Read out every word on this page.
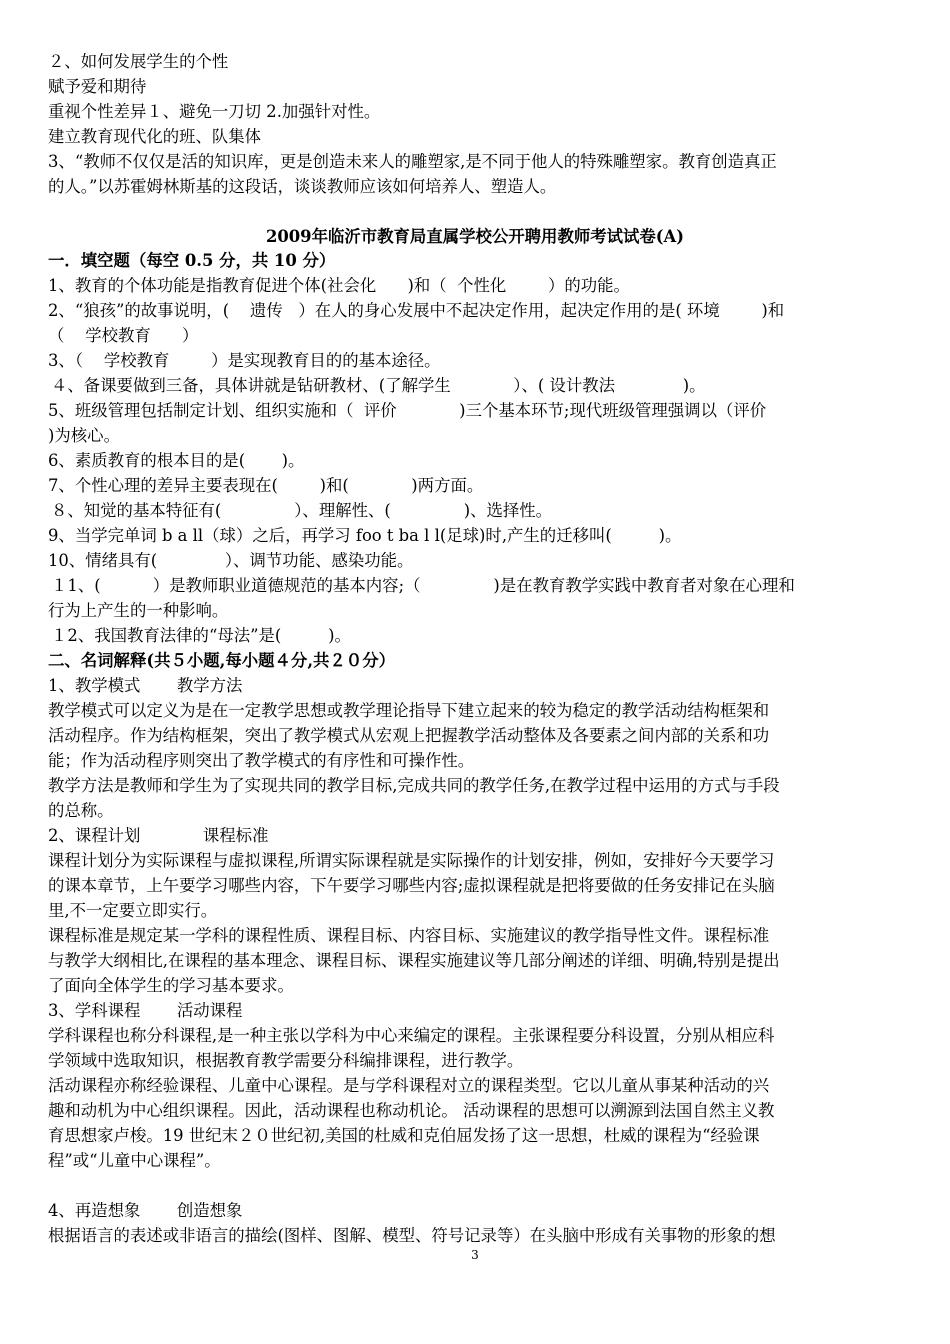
２、如何发展学生的个性
赋予爱和期待
重视个性差异１、避免一刀切 2.加强针对性。
建立教育现代化的班、队集体
3、“教师不仅仅是活的知识库，更是创造未来人的雕塑家,是不同于他人的特殊雕塑家。教育创造真正
的人。”以苏霍姆林斯基的这段话，谈谈教师应该如何培养人、塑造人。
2009年临沂市教育局直属学校公开聘用教师考试试卷(A)
一．填空题（每空 0.5 分，共 10 分）
1、教育的个体功能是指教育促进个体(社会化      )和（  个性化        ）的功能。
2、“狼孩”的故事说明，(    遗传   ）在人的身心发展中不起决定作用，起决定作用的是( 环境        )和
（    学校教育      ）
3、（    学校教育        ）是实现教育目的的基本途径。
４、备课要做到三备，具体讲就是钻研教材、(了解学生            ）、( 设计教法             )。
5、班级管理包括制定计划、组织实施和（  评价            )三个基本环节;现代班级管理强调以（评价
)为核心。
6、素质教育的根本目的是(       )。
7、个性心理的差异主要表现在(        )和(            )两方面。
８、知觉的基本特征有(              ）、理解性、(              )、选择性。
9、当学完单词 b a ll（球）之后，再学习 foo t ba l l(足球)时,产生的迁移叫(         )。
10、情绪具有(             ）、调节功能、感染功能。
１1、(          ）是教师职业道德规范的基本内容;（              )是在教育教学实践中教育者对象在心理和
行为上产生的一种影响。
１2、我国教育法律的“母法”是(         )。
二、名词解释(共５小题,每小题４分,共２０分）
1、教学模式       教学方法
教学模式可以定义为是在一定教学思想或教学理论指导下建立起来的较为稳定的教学活动结构框架和
活动程序。作为结构框架，突出了教学模式从宏观上把握教学活动整体及各要素之间内部的关系和功
能；作为活动程序则突出了教学模式的有序性和可操作性。
教学方法是教师和学生为了实现共同的教学目标,完成共同的教学任务,在教学过程中运用的方式与手段
的总称。
2、课程计划            课程标准
课程计划分为实际课程与虚拟课程,所谓实际课程就是实际操作的计划安排，例如，安排好今天要学习
的课本章节，上午要学习哪些内容，下午要学习哪些内容;虚拟课程就是把将要做的任务安排记在头脑
里,不一定要立即实行。
课程标准是规定某一学科的课程性质、课程目标、内容目标、实施建议的教学指导性文件。课程标准
与教学大纲相比,在课程的基本理念、课程目标、课程实施建议等几部分阐述的详细、明确,特别是提出
了面向全体学生的学习基本要求。
3、学科课程       活动课程
学科课程也称分科课程,是一种主张以学科为中心来编定的课程。主张课程要分科设置，分别从相应科
学领域中选取知识，根据教育教学需要分科编排课程，进行教学。
活动课程亦称经验课程、儿童中心课程。是与学科课程对立的课程类型。它以儿童从事某种活动的兴
趣和动机为中心组织课程。因此，活动课程也称动机论。 活动课程的思想可以溯源到法国自然主义教
育思想家卢梭。19 世纪末２０世纪初,美国的杜威和克伯屈发扬了这一思想，杜威的课程为“经验课
程”或“儿童中心课程”。
4、再造想象       创造想象
根据语言的表述或非语言的描绘(图样、图解、模型、符号记录等）在头脑中形成有关事物的形象的想
3
